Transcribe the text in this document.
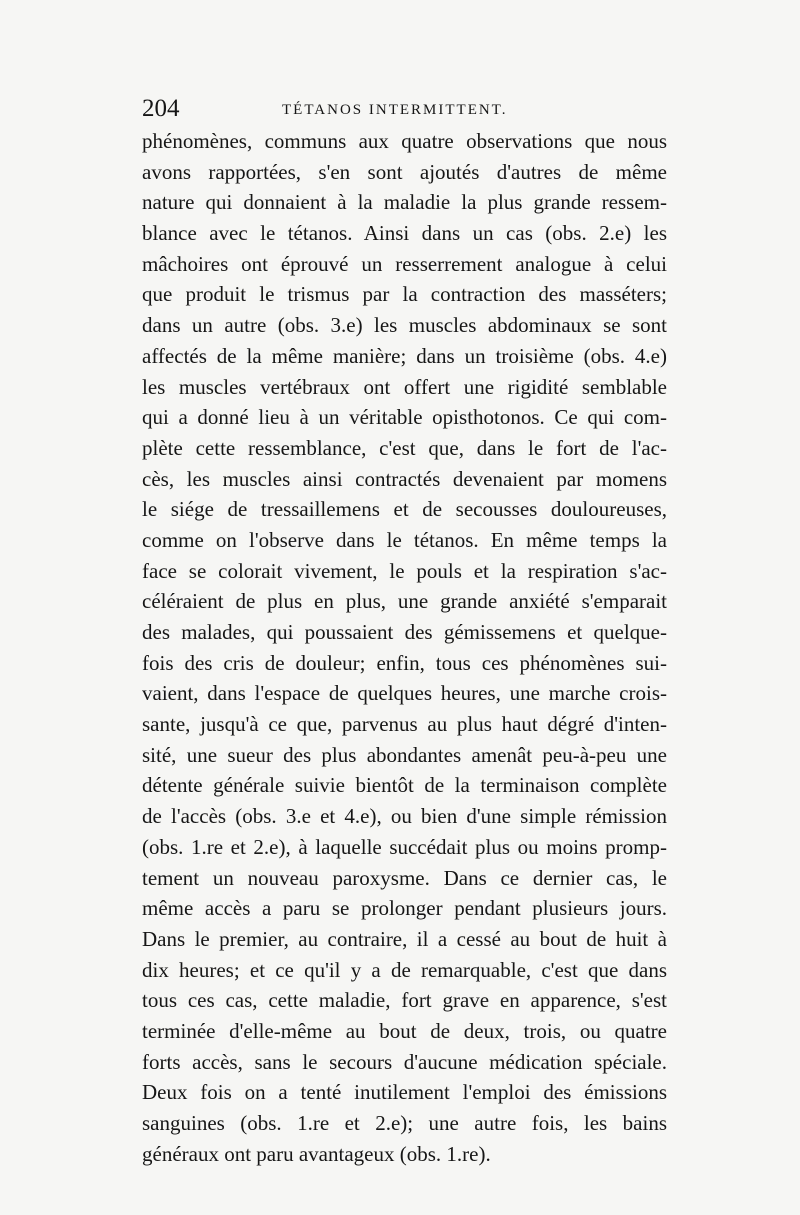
204	TÉTANOS INTERMITTENT.
phénomènes, communs aux quatre observations que nous
avons rapportées, s'en sont ajoutés d'autres de même
nature qui donnaient à la maladie la plus grande ressem-
blance avec le tétanos. Ainsi dans un cas (obs. 2.e) les
mâchoires ont éprouvé un resserrement analogue à celui
que produit le trismus par la contraction des masséters;
dans un autre (obs. 3.e) les muscles abdominaux se sont
affectés de la même manière; dans un troisième (obs. 4.e)
les muscles vertébraux ont offert une rigidité semblable
qui a donné lieu à un véritable opisthotonos. Ce qui com-
plète cette ressemblance, c'est que, dans le fort de l'ac-
cès, les muscles ainsi contractés devenaient par momens
le siége de tressaillemens et de secousses douloureuses,
comme on l'observe dans le tétanos. En même temps la
face se colorait vivement, le pouls et la respiration s'ac-
céléraient de plus en plus, une grande anxiété s'emparait
des malades, qui poussaient des gémissemens et quelque-
fois des cris de douleur; enfin, tous ces phénomènes sui-
vaient, dans l'espace de quelques heures, une marche crois-
sante, jusqu'à ce que, parvenus au plus haut dégré d'inten-
sité, une sueur des plus abondantes amenât peu-à-peu une
détente générale suivie bientôt de la terminaison complète
de l'accès (obs. 3.e et 4.e), ou bien d'une simple rémission
(obs. 1.re et 2.e), à laquelle succédait plus ou moins promp-
tement un nouveau paroxysme. Dans ce dernier cas, le
même accès a paru se prolonger pendant plusieurs jours.
Dans le premier, au contraire, il a cessé au bout de huit à
dix heures; et ce qu'il y a de remarquable, c'est que dans
tous ces cas, cette maladie, fort grave en apparence, s'est
terminée d'elle-même au bout de deux, trois, ou quatre
forts accès, sans le secours d'aucune médication spéciale.
Deux fois on a tenté inutilement l'emploi des émissions
sanguines (obs. 1.re et 2.e); une autre fois, les bains
généraux ont paru avantageux (obs. 1.re).
